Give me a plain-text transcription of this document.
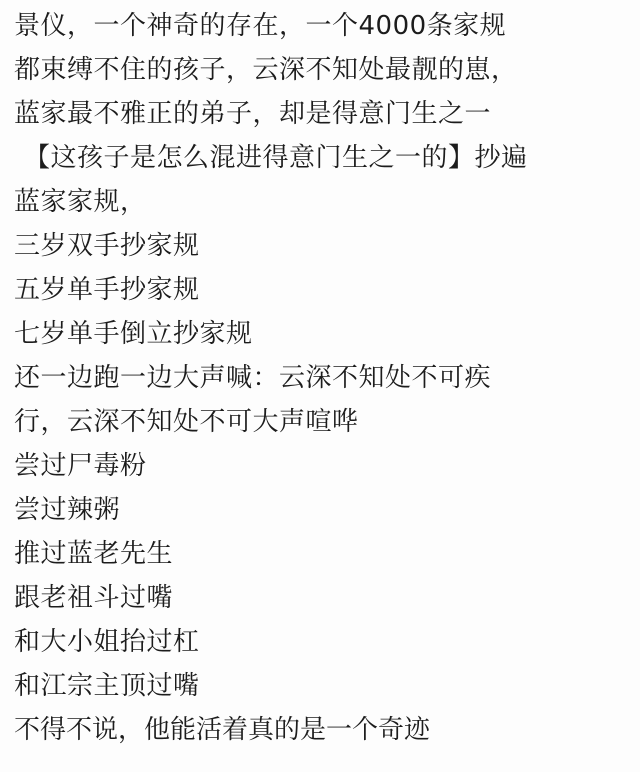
景仪，一个神奇的存在，一个4000条家规
都束缚不住的孩子，云深不知处最靓的崽，
蓝家最不雅正的弟子，却是得意门生之一
【这孩子是怎么混进得意门生之一的】抄遍
蓝家家规，
三岁双手抄家规
五岁单手抄家规
七岁单手倒立抄家规
还一边跑一边大声喊：云深不知处不可疾
行，云深不知处不可大声喧哗
尝过尸毒粉
尝过辣粥
推过蓝老先生
跟老祖斗过嘴
和大小姐抬过杠
和江宗主顶过嘴
不得不说，他能活着真的是一个奇迹
